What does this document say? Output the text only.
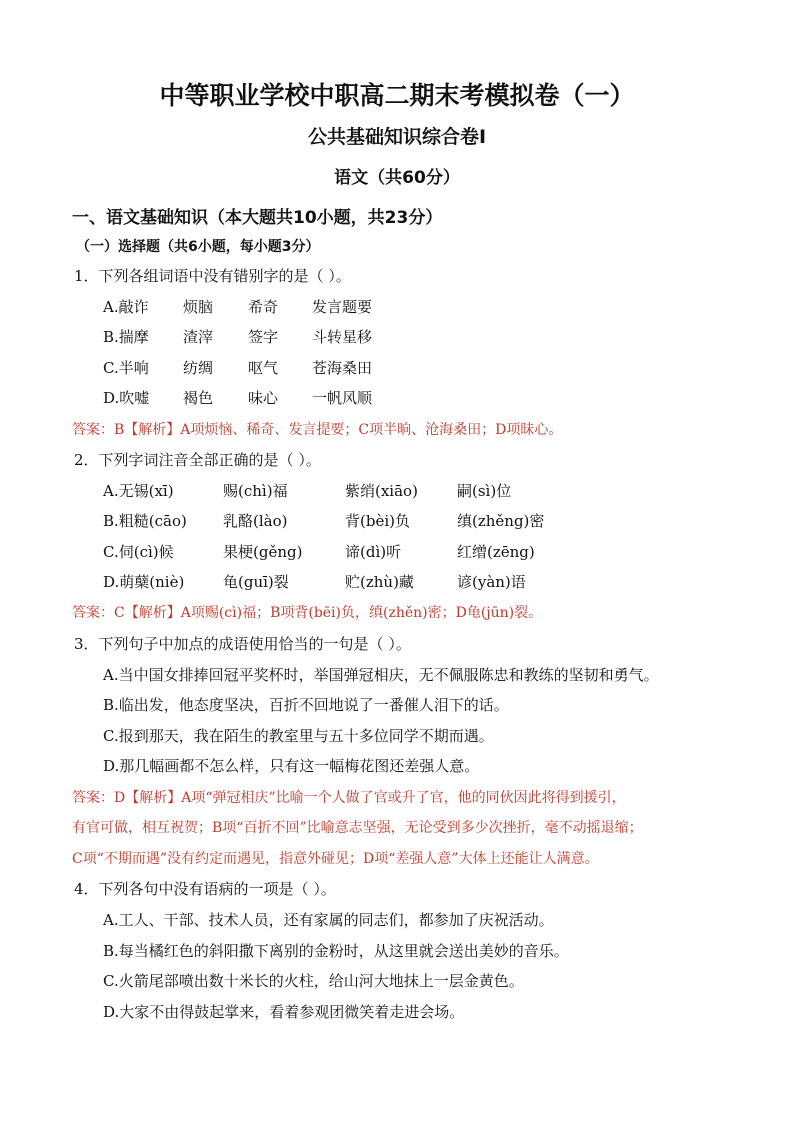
中等职业学校中职高二期末考模拟卷（一）
公共基础知识综合卷Ⅰ
语文（共60分）
一、语文基础知识（本大题共10小题，共23分）
（一）选择题（共6小题，每小题3分）
1．下列各组词语中没有错别字的是（ ）。
A.敲诈 烦脑 希奇 发言题要
B.揣摩 渣滓 签字 斗转星移
C.半响 纺绸 呕气 苍海桑田
D.吹嘘 褐色 味心 一帆风顺
答案：B【解析】A项烦恼、稀奇、发言提要；C项半晌、沧海桑田；D项昧心。
2．下列字词注音全部正确的是（ ）。
A.无锡(xī)	赐(chì)福	紫绡(xiāo)	嗣(sì)位
B.粗糙(cāo) 乳酪(lào)	背(bèi)负	缜(zhěng)密
C.伺(cì)候	果梗(gěng)	谛(dì)听	红缯(zēng)
D.萌蘖(niè)	龟(guī)裂	贮(zhù)藏	谚(yàn)语
答案：C【解析】A项赐(cì)福；B项背(bēi)负，缜(zhěn)密；D龟(jūn)裂。
3．下列句子中加点的成语使用恰当的一句是（ ）。
A.当中国女排捧回冠平奖杯时，举国弹冠相庆，无不佩服陈忠和教练的坚韧和勇气。
B.临出发，他态度坚决，百折不回地说了一番催人泪下的话。
C.报到那天，我在陌生的教室里与五十多位同学不期而遇。
D.那几幅画都不怎么样，只有这一幅梅花图还差强人意。
答案：D【解析】A项“弹冠相庆”比喻一个人做了官或升了官，他的同伙因此将得到援引，
有官可做，相互祝贺；B项“百折不回”比喻意志坚强，无论受到多少次挫折，毫不动摇退缩；
C项“不期而遇”没有约定而遇见，指意外碰见；D项“差强人意”大体上还能让人满意。
4．下列各句中没有语病的一项是（ ）。
A.工人、干部、技术人员，还有家属的同志们，都参加了庆祝活动。
B.每当橘红色的斜阳撒下离别的金粉时，从这里就会送出美妙的音乐。
C.火箭尾部喷出数十米长的火柱，给山河大地抹上一层金黄色。
D.大家不由得鼓起掌来，看着参观团微笑着走进会场。
